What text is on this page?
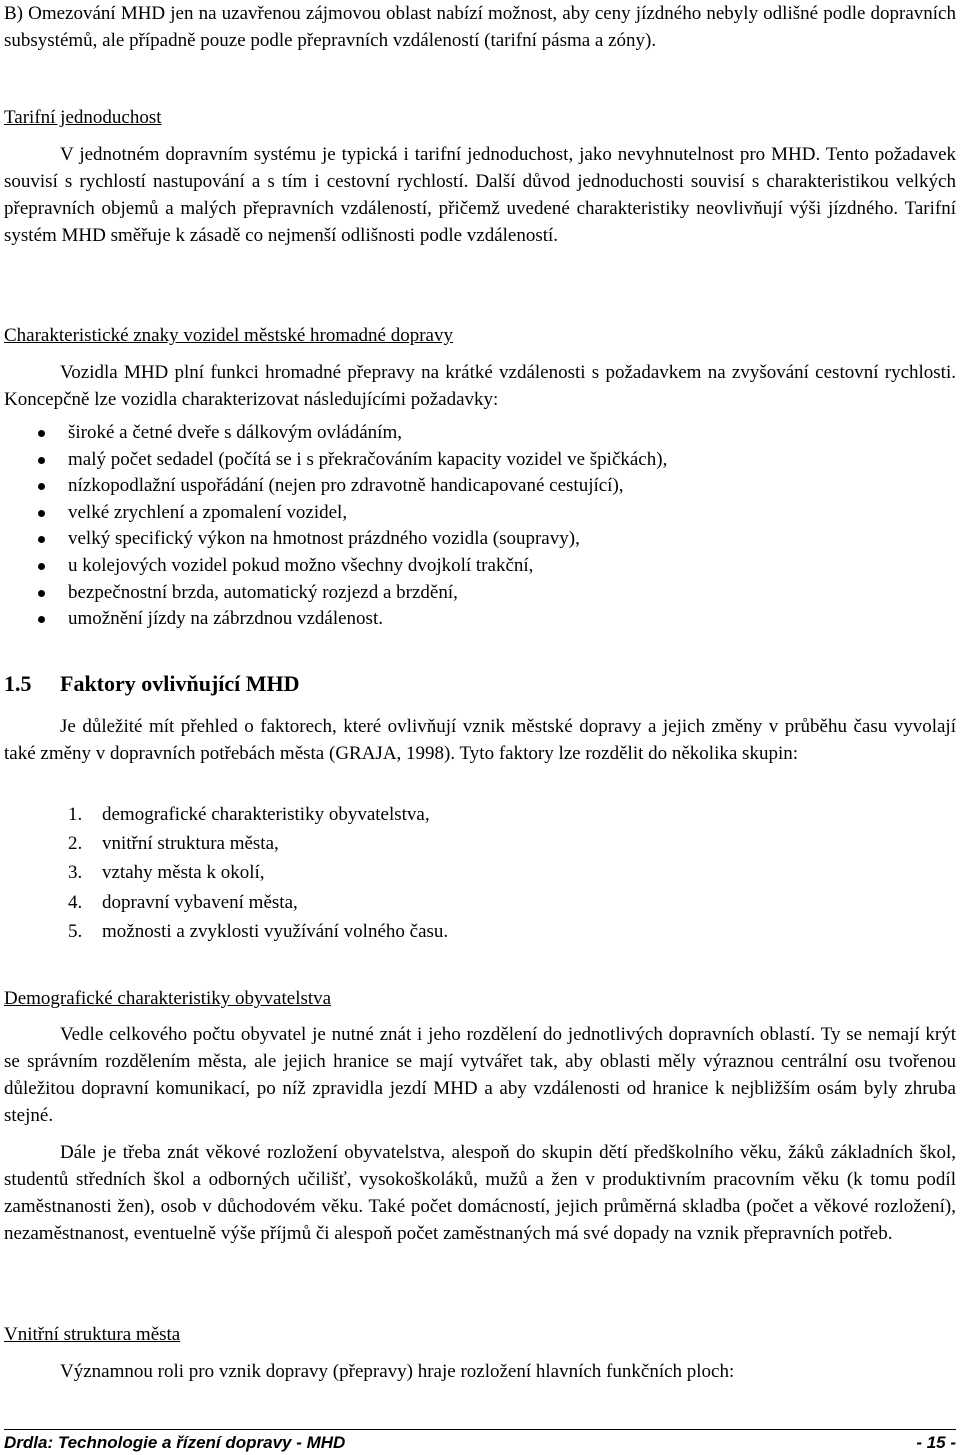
B) Omezování MHD jen na uzavřenou zájmovou oblast nabízí možnost, aby ceny jízdného nebyly odlišné podle dopravních subsystémů, ale případně pouze podle přepravních vzdáleností (tarifní pásma a zóny).

Tarifní jednoduchost

V jednotném dopravním systému je typická i tarifní jednoduchost, jako nevyhnutelnost pro MHD. Tento požadavek souvisí s rychlostí nastupování a s tím i cestovní rychlostí. Další důvod jednoduchosti souvisí s charakteristikou velkých přepravních objemů a malých přepravních vzdáleností, přičemž uvedené charakteristiky neovlivňují výši jízdného. Tarifní systém MHD směřuje k zásadě co nejmenší odlišnosti podle vzdáleností.

Charakteristické znaky vozidel městské hromadné dopravy

Vozidla MHD plní funkci hromadné přepravy na krátké vzdálenosti s požadavkem na zvyšování cestovní rychlosti. Koncepčně lze vozidla charakterizovat následujícími požadavky:

široké a četné dveře s dálkovým ovládáním,
malý počet sedadel (počítá se i s překračováním kapacity vozidel ve špičkách),
nízkopodlažní uspořádání (nejen pro zdravotně handicapované cestující),
velké zrychlení a zpomalení vozidel,
velký specifický výkon na hmotnost prázdného vozidla (soupravy),
u kolejových vozidel pokud možno všechny dvojkolí trakční,
bezpečnostní brzda, automatický rozjezd a brzdění,
umožnění jízdy na zábrzdnou vzdálenost.
1.5 Faktory ovlivňující MHD

Je důležité mít přehled o faktorech, které ovlivňují vznik městské dopravy a jejich změny v průběhu času vyvolají také změny v dopravních potřebách města (GRAJA, 1998). Tyto faktory lze rozdělit do několika skupin:

1. demografické charakteristiky obyvatelstva,
2. vnitřní struktura města,
3. vztahy města k okolí,
4. dopravní vybavení města,
5. možnosti a zvyklosti využívání volného času.

Demografické charakteristiky obyvatelstva

Vedle celkového počtu obyvatel je nutné znát i jeho rozdělení do jednotlivých dopravních oblastí. Ty se nemají krýt se správním rozdělením města, ale jejich hranice se mají vytvářet tak, aby oblasti měly výraznou centrální osu tvořenou důležitou dopravní komunikací, po níž zpravidla jezdí MHD a aby vzdálenosti od hranice k nejbližším osám byly zhruba stejné.

Dále je třeba znát věkové rozložení obyvatelstva, alespoň do skupin dětí předškolního věku, žáků základních škol, studentů středních škol a odborných učilišť, vysokoškoláků, mužů a žen v produktivním pracovním věku (k tomu podíl zaměstnanosti žen), osob v důchodovém věku. Také počet domácností, jejich průměrná skladba (počet a věkové rozložení), nezaměstnanost, eventuelně výše příjmů či alespoň počet zaměstnaných má své dopady na vznik přepravních potřeb.

Vnitřní struktura města

Významnou roli pro vznik dopravy (přepravy) hraje rozložení hlavních funkčních ploch:

Drdla: Technologie a řízení dopravy - MHD	- 15 -
